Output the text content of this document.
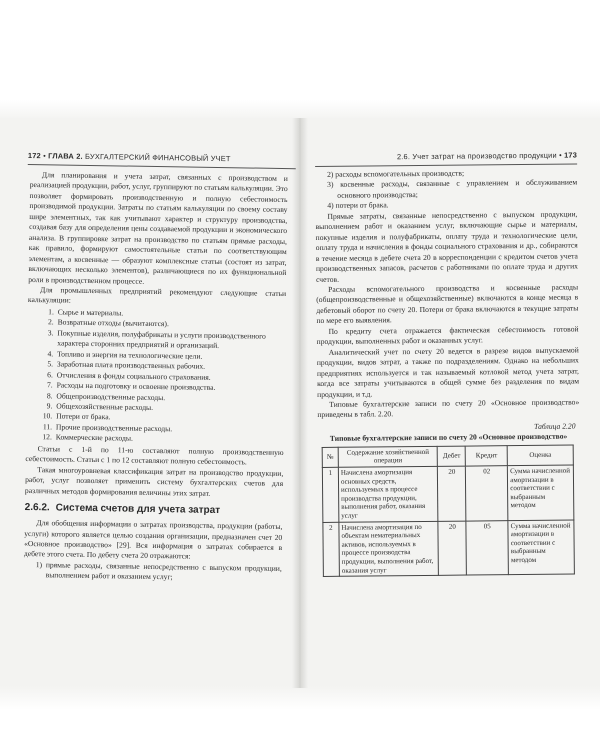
172 • ГЛАВА 2. БУХГАЛТЕРСКИЙ ФИНАНСОВЫЙ УЧЕТ

Для планирования и учета затрат, связанных с производством и реализацией продукции, работ, услуг, группируют по статьям калькуляции. Это позволяет формировать производственную и полную себестоимость производимой продукции. Затраты по статьям калькуляции по своему составу шире элементных, так как учитывают характер и структуру производства, создавая базу для определения цены создаваемой продукции и экономического анализа. В группировке затрат на производство по статьям прямые расходы, как правило, формируют самостоятельные статьи по соответствующим элементам, а косвенные — образуют комплексные статьи (состоят из затрат, включающих несколько элементов), различающиеся по их функциональной роли в производственном процессе.

Для промышленных предприятий рекомендуют следующие статьи калькуляции:

1. Сырье и материалы.
2. Возвратные отходы (вычитаются).
3. Покупные изделия, полуфабрикаты и услуги производственного характера сторонних предприятий и организаций.
4. Топливо и энергия на технологические цели.
5. Заработная плата производственных рабочих.
6. Отчисления в фонды социального страхования.
7. Расходы на подготовку и освоение производства.
8. Общепроизводственные расходы.
9. Общехозяйственные расходы.
10. Потери от брака.
11. Прочие производственные расходы.
12. Коммерческие расходы.

Статьи с 1-й по 11-ю составляют полную производственную себестоимость. Статьи с 1 по 12 составляют полную себестоимость.

Такая многоуровневая классификация затрат на производство продукции, работ, услуг позволяет применить систему бухгалтерских счетов для различных методов формирования величины этих затрат.

2.6.2. Система счетов для учета затрат

Для обобщения информации о затратах производства, продукции (работы, услуги) которого является целью создания организации, предназначен счет 20 «Основное производство» [29]. Вся информация о затратах собирается в дебете этого счета. По дебету счета 20 отражаются:

1) прямые расходы, связанные непосредственно с выпуском продукции, выполнением работ и оказанием услуг;
2.6. Учет затрат на производство продукции • 173
2) расходы вспомогательных производств;
3) косвенные расходы, связанные с управлением и обслуживанием основного производства;
4) потери от брака.

Прямые затраты, связанные непосредственно с выпуском продукции, выполнением работ и оказанием услуг, включающие сырье и материалы, покупные изделия и полуфабрикаты, оплату труда и технологические цели, оплату труда и начисления в фонды социального страхования и др., собираются в течение месяца в дебете счета 20 в корреспонденции с кредитом счетов учета производственных запасов, расчетов с работниками по оплате труда и других счетов.

Расходы вспомогательного производства и косвенные расходы (общепроизводственные и общехозяйственные) включаются в конце месяца в дебетовый оборот по счету 20. Потери от брака включаются в текущие затраты по мере его выявления.

По кредиту счета отражается фактическая себестоимость готовой продукции, выполненных работ и оказанных услуг.

Аналитический учет по счету 20 ведется в разрезе видов выпускаемой продукции, видов затрат, а также по подразделениям. Однако на небольших предприятиях используется и так называемый котловой метод учета затрат, когда все затраты учитываются в общей сумме без разделения по видам продукции, и т.д.

Типовые бухгалтерские записи по счету 20 «Основное производство» приведены в табл. 2.20.

Таблица 2.20
Типовые бухгалтерские записи по счету 20 «Основное производство»
№	Содержание хозяйственной операции	Дебет	Кредит	Оценка
1	Начислена амортизация основных средств, используемых в процессе производства продукции, выполнения работ, оказания услуг	20	02	Сумма начисленной амортизации в соответствии с выбранным методом
2	Начислена амортизация по объектам нематериальных активов, используемых в процессе производства продукции, выполнения работ, оказания услуг	20	05	Сумма начисленной амортизации в соответствии с выбранным методом
